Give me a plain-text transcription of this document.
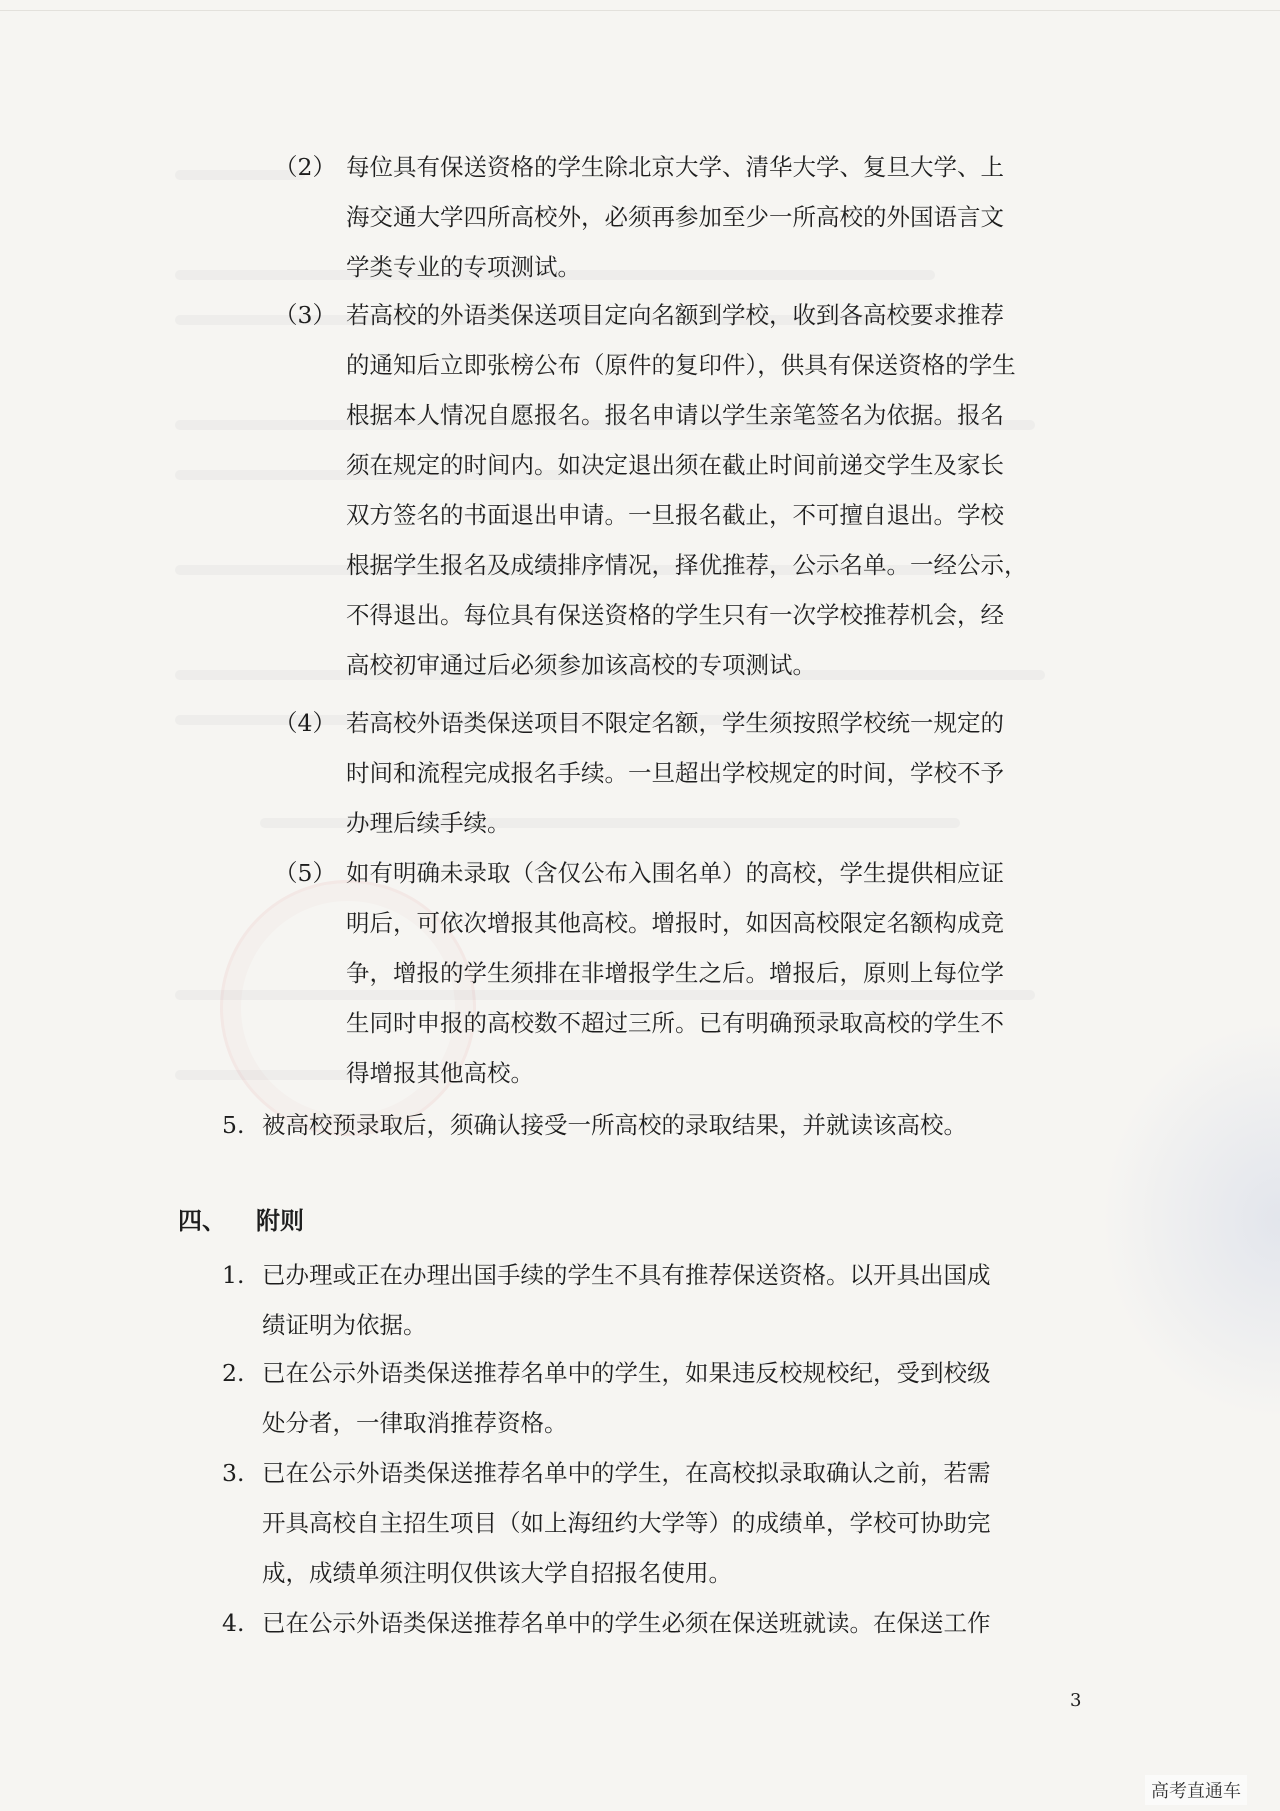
（2） 每位具有保送资格的学生除北京大学、清华大学、复旦大学、上
海交通大学四所高校外，必须再参加至少一所高校的外国语言文
学类专业的专项测试。
（3） 若高校的外语类保送项目定向名额到学校，收到各高校要求推荐
的通知后立即张榜公布（原件的复印件），供具有保送资格的学生
根据本人情况自愿报名。报名申请以学生亲笔签名为依据。报名
须在规定的时间内。如决定退出须在截止时间前递交学生及家长
双方签名的书面退出申请。一旦报名截止，不可擅自退出。学校
根据学生报名及成绩排序情况，择优推荐，公示名单。一经公示，
不得退出。每位具有保送资格的学生只有一次学校推荐机会，经
高校初审通过后必须参加该高校的专项测试。
（4） 若高校外语类保送项目不限定名额，学生须按照学校统一规定的
时间和流程完成报名手续。一旦超出学校规定的时间，学校不予
办理后续手续。
（5） 如有明确未录取（含仅公布入围名单）的高校，学生提供相应证
明后，可依次增报其他高校。增报时，如因高校限定名额构成竞
争，增报的学生须排在非增报学生之后。增报后，原则上每位学
生同时申报的高校数不超过三所。已有明确预录取高校的学生不
得增报其他高校。
5. 被高校预录取后，须确认接受一所高校的录取结果，并就读该高校。
四、 附则
1. 已办理或正在办理出国手续的学生不具有推荐保送资格。以开具出国成
绩证明为依据。
2. 已在公示外语类保送推荐名单中的学生，如果违反校规校纪，受到校级
处分者，一律取消推荐资格。
3. 已在公示外语类保送推荐名单中的学生，在高校拟录取确认之前，若需
开具高校自主招生项目（如上海纽约大学等）的成绩单，学校可协助完
成，成绩单须注明仅供该大学自招报名使用。
4. 已在公示外语类保送推荐名单中的学生必须在保送班就读。在保送工作
3
高考直通车
